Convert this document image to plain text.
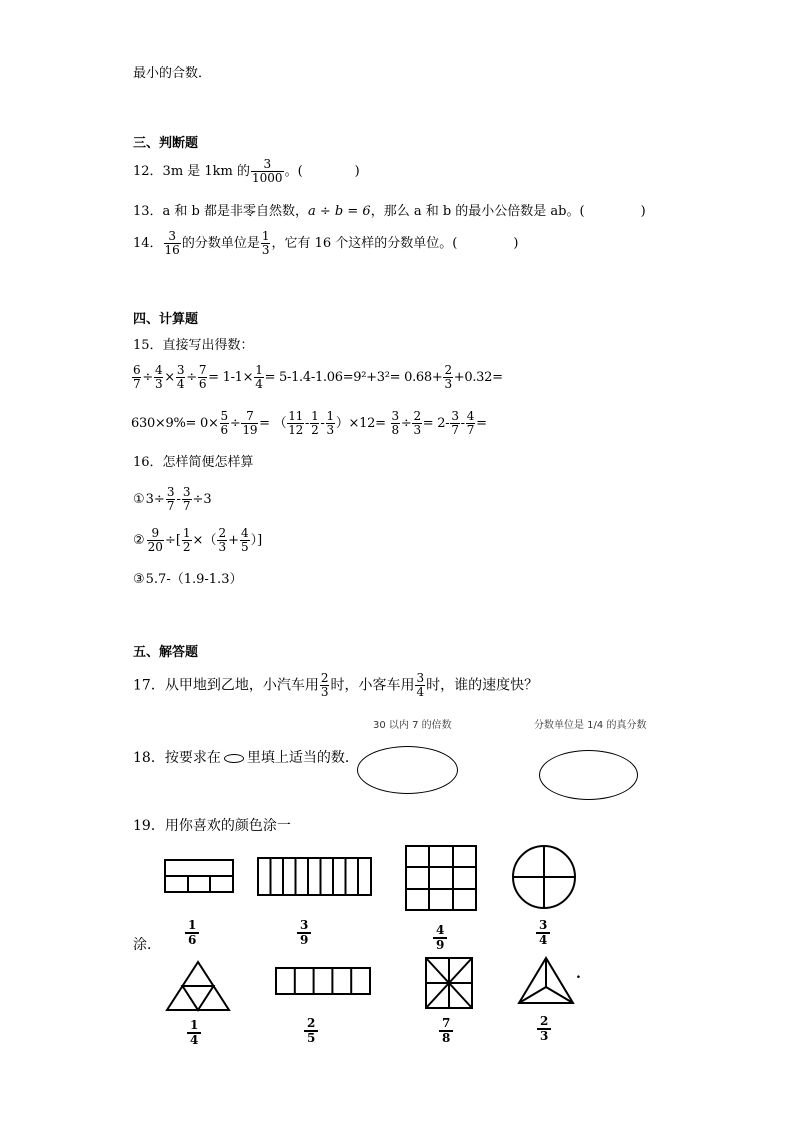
最小的合数．
三、判断题
12．3m 是 1km 的 $\frac{3}{1000}$ 。(	)
13．a 和 b 都是非零自然数，a ÷ b = 6，那么 a 和 b 的最小公倍数是 ab。(	)
14． $\frac{3}{16}$ 的分数单位是 $\frac{1}{3}$ ，它有 16 个这样的分数单位。(	)
四、计算题
15．直接写出得数：
$\frac{6}{7} \div \frac{4}{3} \times \frac{3}{4} \div \frac{7}{6} = 1-1\times \frac{1}{4} = 5-1.4-1.06=9^2+3^2= 0.68+ \frac{2}{3} +0.32=$
$630\times 9\%= 0\times \frac{5}{6} \div \frac{7}{19}$ = （ $\frac{11}{12} - \frac{1}{2} - \frac{1}{3} )\times 12= \frac{3}{8} \div \frac{2}{3} = 2- \frac{3}{7} - \frac{4}{7}$ =
16．怎样简便怎样算
①3÷ $\frac{3}{7} - \frac{3}{7} \div 3$
② $\frac{9}{20}$ ÷[ $\frac{1}{2}$ ×（ $\frac{2}{3} + \frac{4}{5}$ ）]
③5.7-（1.9-1.3）
五、解答题
17．从甲地到乙地，小汽车用 $\frac{2}{3}$ 时，小客车用 $\frac{3}{4}$ 时，谁的速度快？
30 以内 7 的倍数	分数单位是 1/4 的真分数
18．按要求在 里填上适当的数．
19．用你喜欢的颜色涂一
涂． $\frac{1}{6}$	$\frac{3}{9}$	$\frac{4}{9}$	$\frac{3}{4}$
$\frac{1}{4}$	$\frac{2}{5}$	$\frac{7}{8}$	$\frac{2}{3}$
.
